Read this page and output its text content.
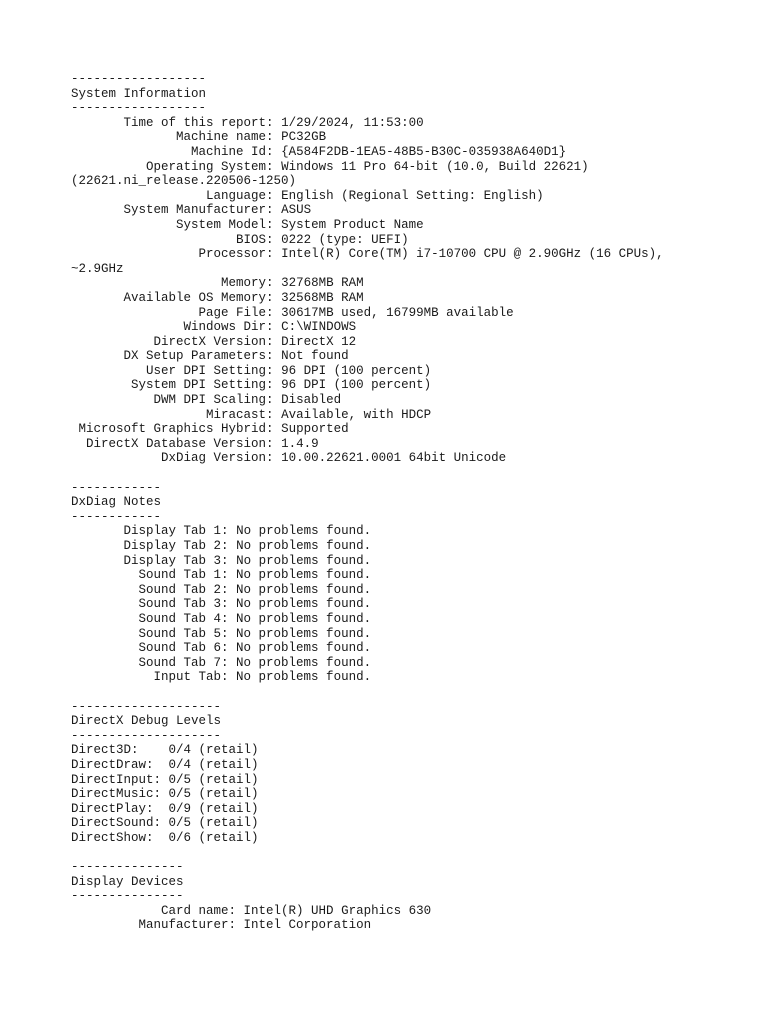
------------------
System Information
------------------
Time of this report: 1/29/2024, 11:53:00
Machine name: PC32GB
Machine Id: {A584F2DB-1EA5-48B5-B30C-035938A640D1}
Operating System: Windows 11 Pro 64-bit (10.0, Build 22621)
(22621.ni_release.220506-1250)
Language: English (Regional Setting: English)
System Manufacturer: ASUS
System Model: System Product Name
BIOS: 0222 (type: UEFI)
Processor: Intel(R) Core(TM) i7-10700 CPU @ 2.90GHz (16 CPUs),
~2.9GHz
Memory: 32768MB RAM
Available OS Memory: 32568MB RAM
Page File: 30617MB used, 16799MB available
Windows Dir: C:\WINDOWS
DirectX Version: DirectX 12
DX Setup Parameters: Not found
User DPI Setting: 96 DPI (100 percent)
System DPI Setting: 96 DPI (100 percent)
DWM DPI Scaling: Disabled
Miracast: Available, with HDCP
Microsoft Graphics Hybrid: Supported
DirectX Database Version: 1.4.9
DxDiag Version: 10.00.22621.0001 64bit Unicode
------------
DxDiag Notes
------------
Display Tab 1: No problems found.
Display Tab 2: No problems found.
Display Tab 3: No problems found.
Sound Tab 1: No problems found.
Sound Tab 2: No problems found.
Sound Tab 3: No problems found.
Sound Tab 4: No problems found.
Sound Tab 5: No problems found.
Sound Tab 6: No problems found.
Sound Tab 7: No problems found.
Input Tab: No problems found.
--------------------
DirectX Debug Levels
--------------------
Direct3D:    0/4 (retail)
DirectDraw:  0/4 (retail)
DirectInput: 0/5 (retail)
DirectMusic: 0/5 (retail)
DirectPlay:  0/9 (retail)
DirectSound: 0/5 (retail)
DirectShow:  0/6 (retail)
---------------
Display Devices
---------------
Card name: Intel(R) UHD Graphics 630
Manufacturer: Intel Corporation
